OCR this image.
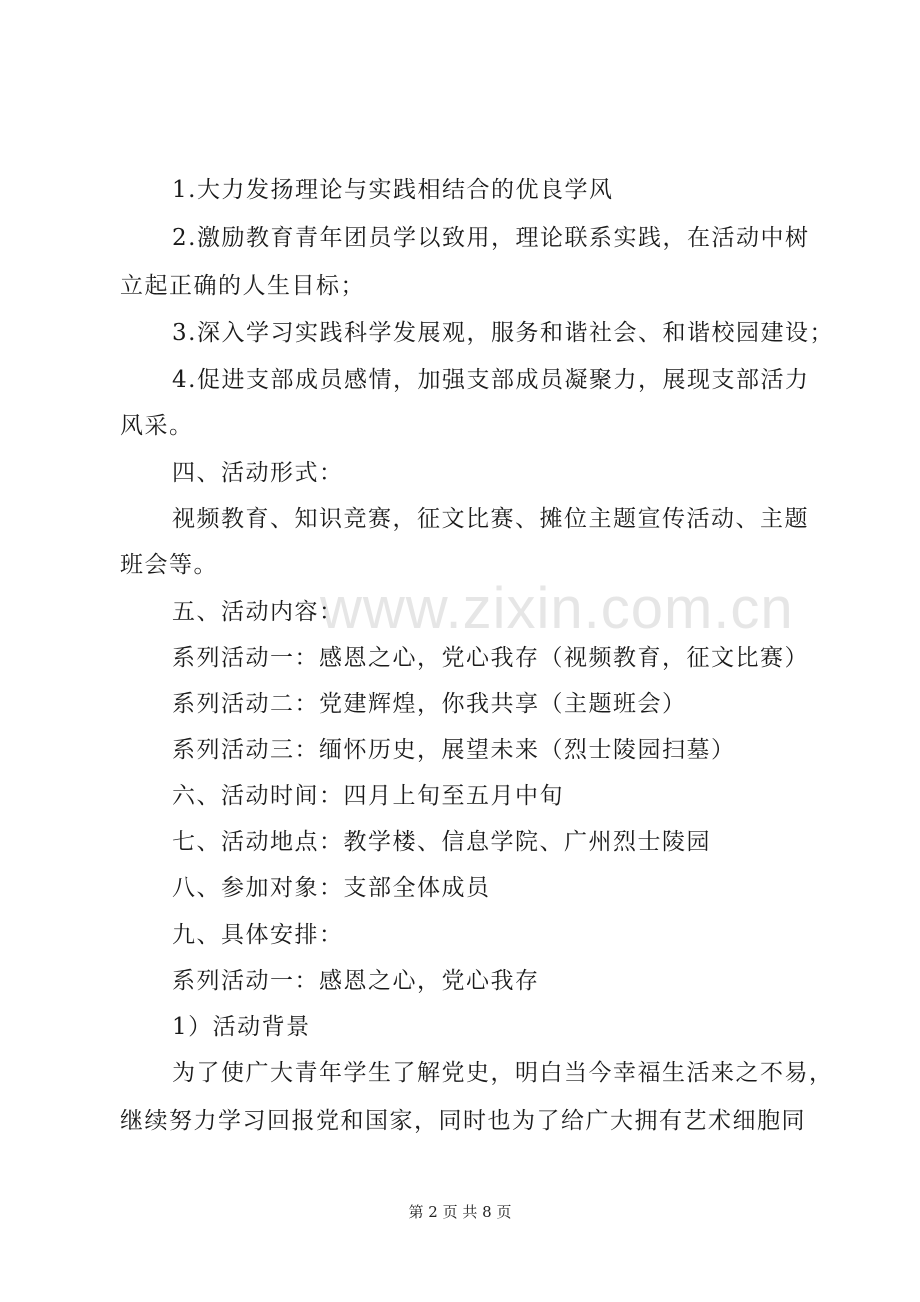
www.zixin.com.cn
1.大力发扬理论与实践相结合的优良学风
2.激励教育青年团员学以致用，理论联系实践，在活动中树
立起正确的人生目标；
3.深入学习实践科学发展观，服务和谐社会、和谐校园建设；
4.促进支部成员感情，加强支部成员凝聚力，展现支部活力
风采。
四、活动形式：
视频教育、知识竞赛，征文比赛、摊位主题宣传活动、主题
班会等。
五、活动内容：
系列活动一：感恩之心，党心我存（视频教育，征文比赛）
系列活动二：党建辉煌，你我共享（主题班会）
系列活动三：缅怀历史，展望未来（烈士陵园扫墓）
六、活动时间：四月上旬至五月中旬
七、活动地点：教学楼、信息学院、广州烈士陵园
八、参加对象：支部全体成员
九、具体安排：
系列活动一：感恩之心，党心我存
1）活动背景
为了使广大青年学生了解党史，明白当今幸福生活来之不易，
继续努力学习回报党和国家，同时也为了给广大拥有艺术细胞同
第 2 页 共 8 页
